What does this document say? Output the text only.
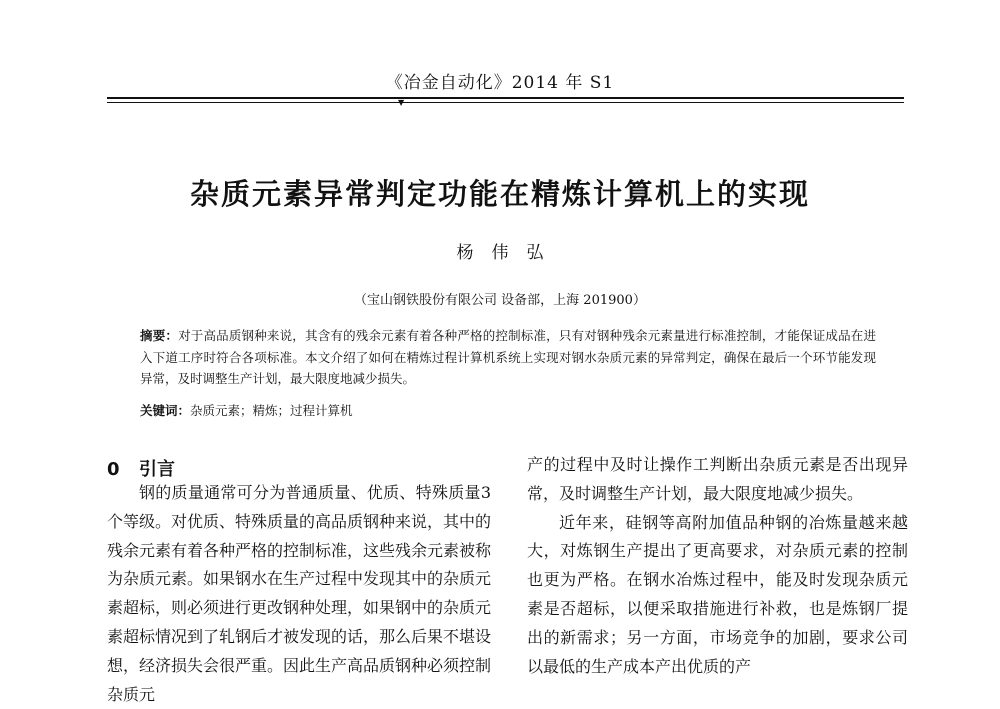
《冶金自动化》2014 年 S1
▼
杂质元素异常判定功能在精炼计算机上的实现
杨伟弘
（宝山钢铁股份有限公司 设备部，上海 201900）
摘要：对于高品质钢种来说，其含有的残余元素有着各种严格的控制标准，只有对钢种残余元素量进行标准控制，才能保证成品在进入下道工序时符合各项标准。本文介绍了如何在精炼过程计算机系统上实现对钢水杂质元素的异常判定，确保在最后一个环节能发现异常，及时调整生产计划，最大限度地减少损失。
关键词：杂质元素；精炼；过程计算机
0 引言

钢的质量通常可分为普通质量、优质、特殊质量3个等级。对优质、特殊质量的高品质钢种来说，其中的残余元素有着各种严格的控制标准，这些残余元素被称为杂质元素。如果钢水在生产过程中发现其中的杂质元素超标，则必须进行更改钢种处理，如果钢中的杂质元素超标情况到了轧钢后才被发现的话，那么后果不堪设想，经济损失会很严重。因此生产高品质钢种必须控制杂质元

产的过程中及时让操作工判断出杂质元素是否出现异常，及时调整生产计划，最大限度地减少损失。

近年来，硅钢等高附加值品种钢的冶炼量越来越大，对炼钢生产提出了更高要求，对杂质元素的控制也更为严格。在钢水冶炼过程中，能及时发现杂质元素是否超标，以便采取措施进行补救，也是炼钢厂提出的新需求；另一方面，市场竞争的加剧，要求公司以最低的生产成本产出优质的产
